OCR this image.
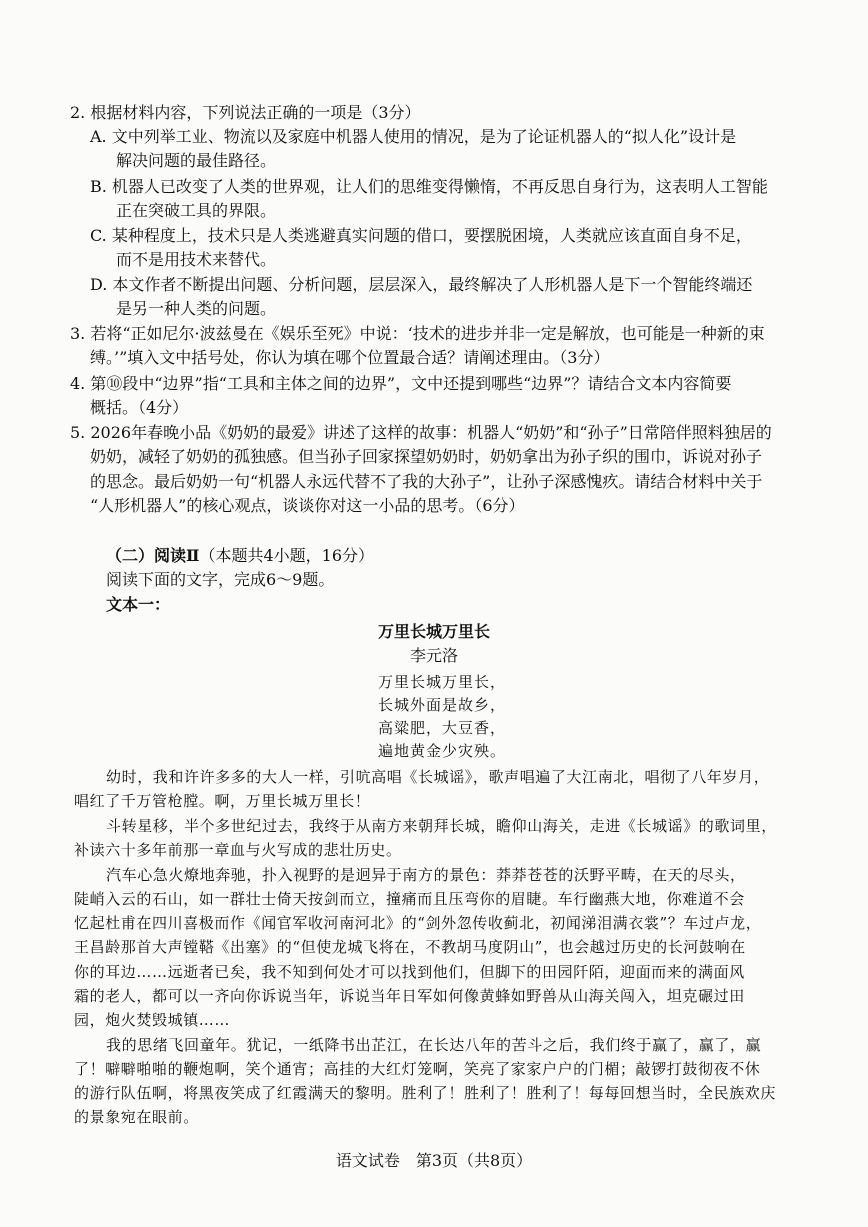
2. 根据材料内容，下列说法正确的一项是（3分）
A. 文中列举工业、物流以及家庭中机器人使用的情况，是为了论证机器人的“拟人化”设计是
解决问题的最佳路径。
B. 机器人已改变了人类的世界观，让人们的思维变得懒惰，不再反思自身行为，这表明人工智能
正在突破工具的界限。
C. 某种程度上，技术只是人类逃避真实问题的借口，要摆脱困境，人类就应该直面自身不足，
而不是用技术来替代。
D. 本文作者不断提出问题、分析问题，层层深入，最终解决了人形机器人是下一个智能终端还
是另一种人类的问题。
3. 若将“正如尼尔·波兹曼在《娱乐至死》中说：‘技术的进步并非一定是解放，也可能是一种新的束
缚。’”填入文中括号处，你认为填在哪个位置最合适？请阐述理由。（3分）
4. 第⑩段中“边界”指“工具和主体之间的边界”，文中还提到哪些“边界”？请结合文本内容简要
概括。（4分）
5. 2026年春晚小品《奶奶的最爱》讲述了这样的故事：机器人“奶奶”和“孙子”日常陪伴照料独居的
奶奶，减轻了奶奶的孤独感。但当孙子回家探望奶奶时，奶奶拿出为孙子织的围巾，诉说对孙子
的思念。最后奶奶一句“机器人永远代替不了我的大孙子”，让孙子深感愧疚。请结合材料中关于
“人形机器人”的核心观点，谈谈你对这一小品的思考。（6分）
（二）阅读Ⅱ（本题共4小题，16分）
阅读下面的文字，完成6～9题。
文本一：
万里长城万里长
李元洛
万里长城万里长，
长城外面是故乡，
高粱肥，大豆香，
遍地黄金少灾殃。
幼时，我和许许多多的大人一样，引吭高唱《长城谣》，歌声唱遍了大江南北，唱彻了八年岁月，
唱红了千万管枪膛。啊，万里长城万里长！
斗转星移，半个多世纪过去，我终于从南方来朝拜长城，瞻仰山海关，走进《长城谣》的歌词里，
补读六十多年前那一章血与火写成的悲壮历史。
汽车心急火燎地奔驰，扑入视野的是迥异于南方的景色：莽莽苍苍的沃野平畴，在天的尽头，
陡峭入云的石山，如一群壮士倚天按剑而立，撞痛而且压弯你的眉睫。车行幽燕大地，你难道不会
忆起杜甫在四川喜极而作《闻官军收河南河北》的“剑外忽传收蓟北，初闻涕泪满衣裳”？车过卢龙，
王昌龄那首大声镗鞳《出塞》的“但使龙城飞将在，不教胡马度阴山”，也会越过历史的长河鼓响在
你的耳边……远逝者已矣，我不知到何处才可以找到他们，但脚下的田园阡陌，迎面而来的满面风
霜的老人，都可以一齐向你诉说当年，诉说当年日军如何像黄蜂如野兽从山海关闯入，坦克碾过田
园，炮火焚毁城镇……
我的思绪飞回童年。犹记，一纸降书出芷江，在长达八年的苦斗之后，我们终于赢了，赢了，赢
了！噼噼啪啪的鞭炮啊，笑个通宵；高挂的大红灯笼啊，笑亮了家家户户的门楣；敲锣打鼓彻夜不休
的游行队伍啊，将黑夜笑成了红霞满天的黎明。胜利了！胜利了！胜利了！每每回想当时，全民族欢庆
的景象宛在眼前。
语文试卷　第3页（共8页）
